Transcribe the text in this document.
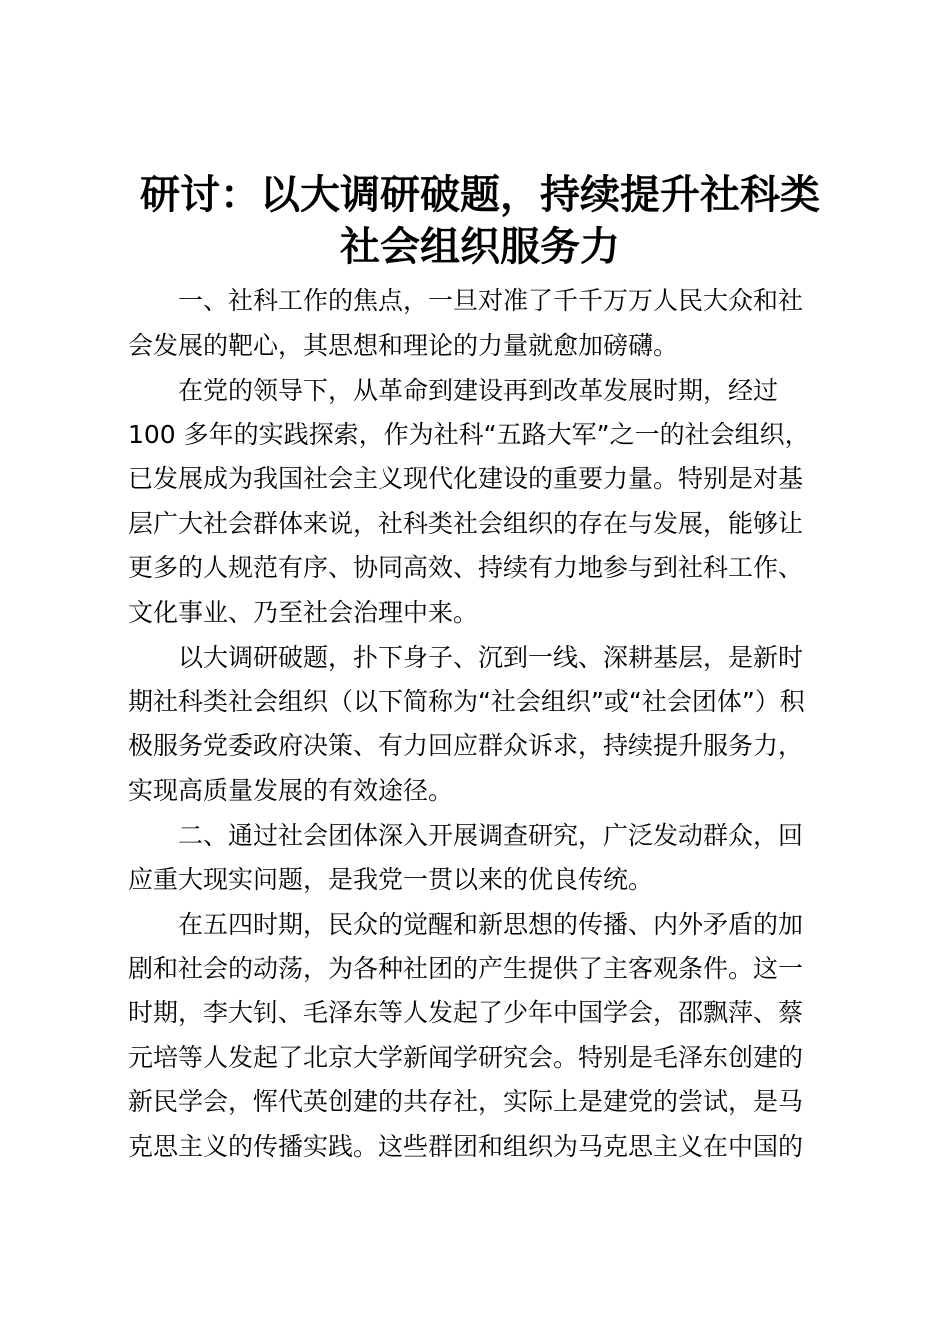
研讨：以大调研破题，持续提升社科类
社会组织服务力

一、社科工作的焦点，一旦对准了千千万万人民大众和社

会发展的靶心，其思想和理论的力量就愈加磅礴。

在党的领导下，从革命到建设再到改革发展时期，经过

100 多年的实践探索，作为社科“五路大军”之一的社会组织，

已发展成为我国社会主义现代化建设的重要力量。特别是对基

层广大社会群体来说，社科类社会组织的存在与发展，能够让

更多的人规范有序、协同高效、持续有力地参与到社科工作、

文化事业、乃至社会治理中来。

以大调研破题，扑下身子、沉到一线、深耕基层，是新时

期社科类社会组织（以下简称为“社会组织”或“社会团体”）积

极服务党委政府决策、有力回应群众诉求，持续提升服务力，

实现高质量发展的有效途径。

二、通过社会团体深入开展调查研究，广泛发动群众，回

应重大现实问题，是我党一贯以来的优良传统。

在五四时期，民众的觉醒和新思想的传播、内外矛盾的加

剧和社会的动荡，为各种社团的产生提供了主客观条件。这一

时期，李大钊、毛泽东等人发起了少年中国学会，邵飘萍、蔡

元培等人发起了北京大学新闻学研究会。特别是毛泽东创建的

新民学会，恽代英创建的共存社，实际上是建党的尝试，是马

克思主义的传播实践。这些群团和组织为马克思主义在中国的
